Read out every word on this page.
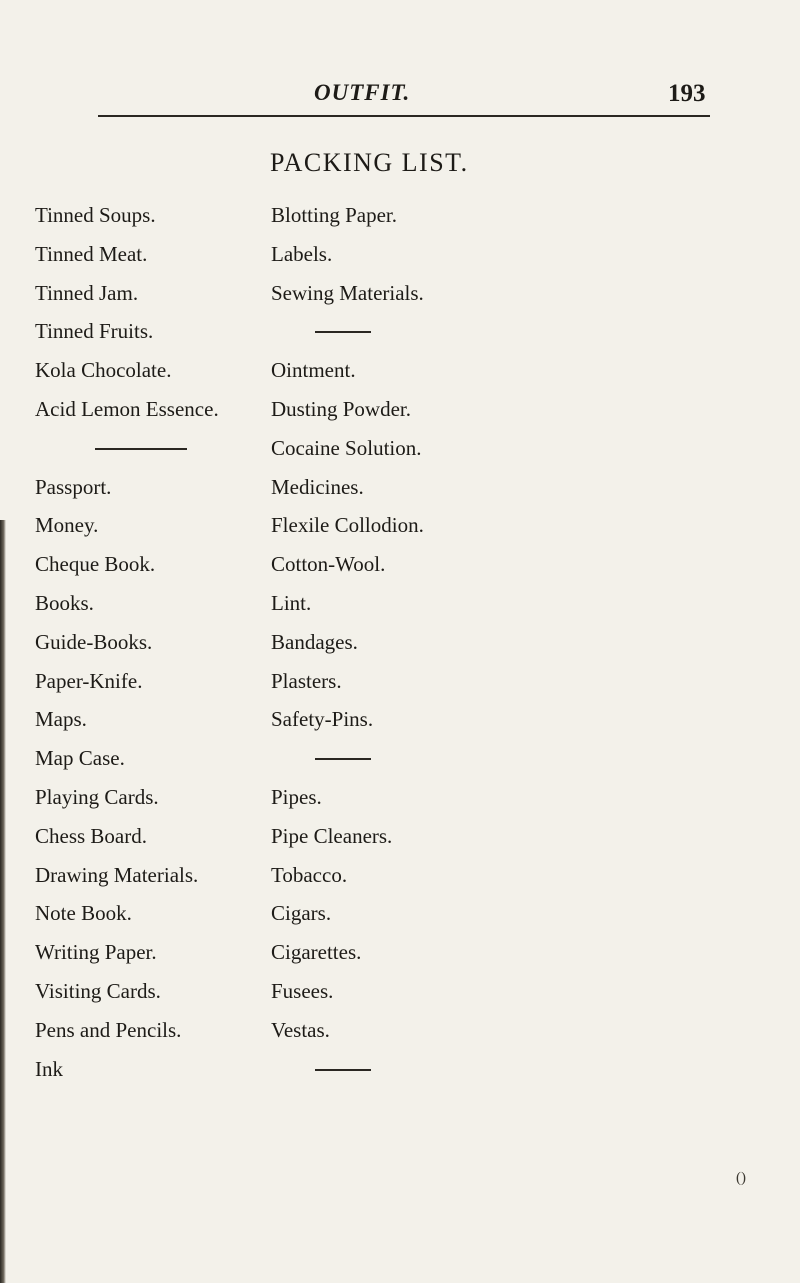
OUTFIT.	193
PACKING LIST.
Tinned Soups.
Tinned Meat.
Tinned Jam.
Tinned Fruits.
Kola Chocolate.
Acid Lemon Essence.
Passport.
Money.
Cheque Book.
Books.
Guide-Books.
Paper-Knife.
Maps.
Map Case.
Playing Cards.
Chess Board.
Drawing Materials.
Note Book.
Writing Paper.
Visiting Cards.
Pens and Pencils.
Ink
Blotting Paper.
Labels.
Sewing Materials.
Ointment.
Dusting Powder.
Cocaine Solution.
Medicines.
Flexile Collodion.
Cotton-Wool.
Lint.
Bandages.
Plasters.
Safety-Pins.
Pipes.
Pipe Cleaners.
Tobacco.
Cigars.
Cigarettes.
Fusees.
Vestas.
()
